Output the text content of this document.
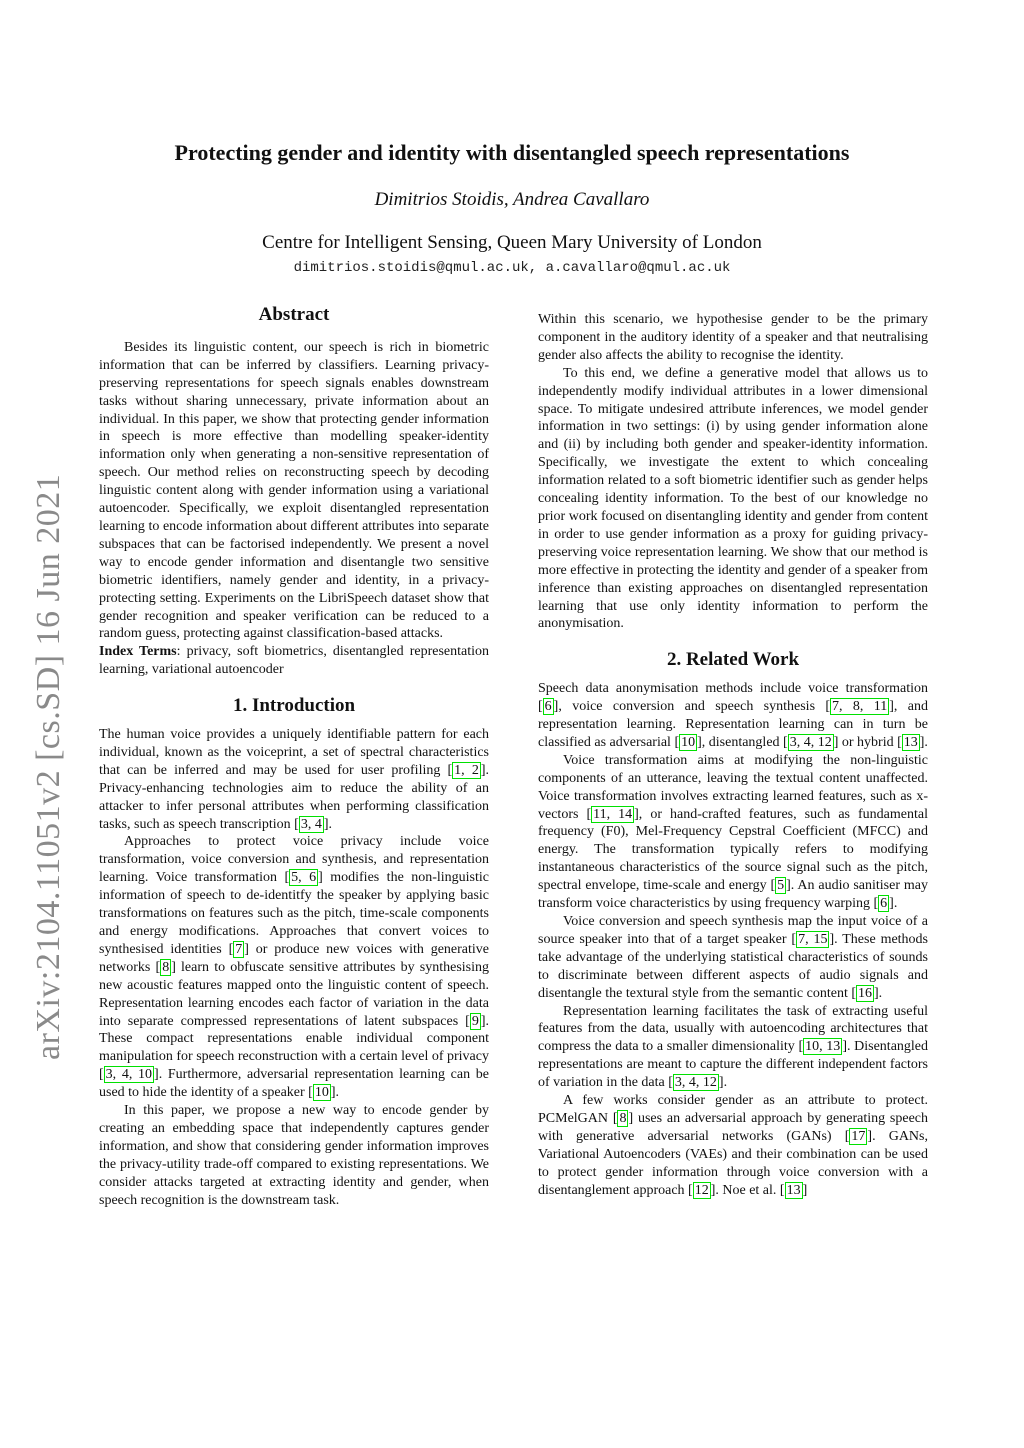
arXiv:2104.11051v2 [cs.SD] 16 Jun 2021
Protecting gender and identity with disentangled speech representations
Dimitrios Stoidis, Andrea Cavallaro
Centre for Intelligent Sensing, Queen Mary University of London
dimitrios.stoidis@qmul.ac.uk, a.cavallaro@qmul.ac.uk
Abstract

Besides its linguistic content, our speech is rich in biometric information that can be inferred by classifiers. Learning privacy-preserving representations for speech signals enables downstream tasks without sharing unnecessary, private information about an individual. In this paper, we show that protecting gender information in speech is more effective than modelling speaker-identity information only when generating a non-sensitive representation of speech. Our method relies on reconstructing speech by decoding linguistic content along with gender information using a variational autoencoder. Specifically, we exploit disentangled representation learning to encode information about different attributes into separate subspaces that can be factorised independently. We present a novel way to encode gender information and disentangle two sensitive biometric identifiers, namely gender and identity, in a privacy-protecting setting. Experiments on the LibriSpeech dataset show that gender recognition and speaker verification can be reduced to a random guess, protecting against classification-based attacks.

Index Terms: privacy, soft biometrics, disentangled representation learning, variational autoencoder

1. Introduction

The human voice provides a uniquely identifiable pattern for each individual, known as the voiceprint, a set of spectral characteristics that can be inferred and may be used for user profiling [ 1, 2 ]. Privacy-enhancing technologies aim to reduce the ability of an attacker to infer personal attributes when performing classification tasks, such as speech transcription [ 3, 4 ].

Approaches to protect voice privacy include voice transformation, voice conversion and synthesis, and representation learning. Voice transformation [ 5, 6 ] modifies the non-linguistic information of speech to de-identitfy the speaker by applying basic transformations on features such as the pitch, time-scale components and energy modifications. Approaches that convert voices to synthesised identities [ 7 ] or produce new voices with generative networks [ 8 ] learn to obfuscate sensitive attributes by synthesising new acoustic features mapped onto the linguistic content of speech. Representation learning encodes each factor of variation in the data into separate compressed representations of latent subspaces [ 9 ]. These compact representations enable individual component manipulation for speech reconstruction with a certain level of privacy [ 3, 4, 10 ]. Furthermore, adversarial representation learning can be used to hide the identity of a speaker [ 10 ].

In this paper, we propose a new way to encode gender by creating an embedding space that independently captures gender information, and show that considering gender information improves the privacy-utility trade-off compared to existing representations. We consider attacks targeted at extracting identity and gender, when speech recognition is the downstream task.

Within this scenario, we hypothesise gender to be the primary component in the auditory identity of a speaker and that neutralising gender also affects the ability to recognise the identity.

To this end, we define a generative model that allows us to independently modify individual attributes in a lower dimensional space. To mitigate undesired attribute inferences, we model gender information in two settings: (i) by using gender information alone and (ii) by including both gender and speaker-identity information. Specifically, we investigate the extent to which concealing information related to a soft biometric identifier such as gender helps concealing identity information. To the best of our knowledge no prior work focused on disentangling identity and gender from content in order to use gender information as a proxy for guiding privacy-preserving voice representation learning. We show that our method is more effective in protecting the identity and gender of a speaker from inference than existing approaches on disentangled representation learning that use only identity information to perform the anonymisation.

2. Related Work

Speech data anonymisation methods include voice transformation [ 6 ], voice conversion and speech synthesis [ 7, 8, 11 ], and representation learning. Representation learning can in turn be classified as adversarial [ 10 ], disentangled [ 3, 4, 12 ] or hybrid [ 13 ].

Voice transformation aims at modifying the non-linguistic components of an utterance, leaving the textual content unaffected. Voice transformation involves extracting learned features, such as x-vectors [ 11, 14 ], or hand-crafted features, such as fundamental frequency (F0), Mel-Frequency Cepstral Coefficient (MFCC) and energy. The transformation typically refers to modifying instantaneous characteristics of the source signal such as the pitch, spectral envelope, time-scale and energy [ 5 ]. An audio sanitiser may transform voice characteristics by using frequency warping [ 6 ].

Voice conversion and speech synthesis map the input voice of a source speaker into that of a target speaker [ 7, 15 ]. These methods take advantage of the underlying statistical characteristics of sounds to discriminate between different aspects of audio signals and disentangle the textural style from the semantic content [ 16 ].

Representation learning facilitates the task of extracting useful features from the data, usually with autoencoding architectures that compress the data to a smaller dimensionality [ 10, 13 ]. Disentangled representations are meant to capture the different independent factors of variation in the data [ 3, 4, 12 ].

A few works consider gender as an attribute to protect. PCMelGAN [ 8 ] uses an adversarial approach by generating speech with generative adversarial networks (GANs) [ 17 ]. GANs, Variational Autoencoders (VAEs) and their combination can be used to protect gender information through voice conversion with a disentanglement approach [ 12 ]. Noe et al. [ 13 ]
